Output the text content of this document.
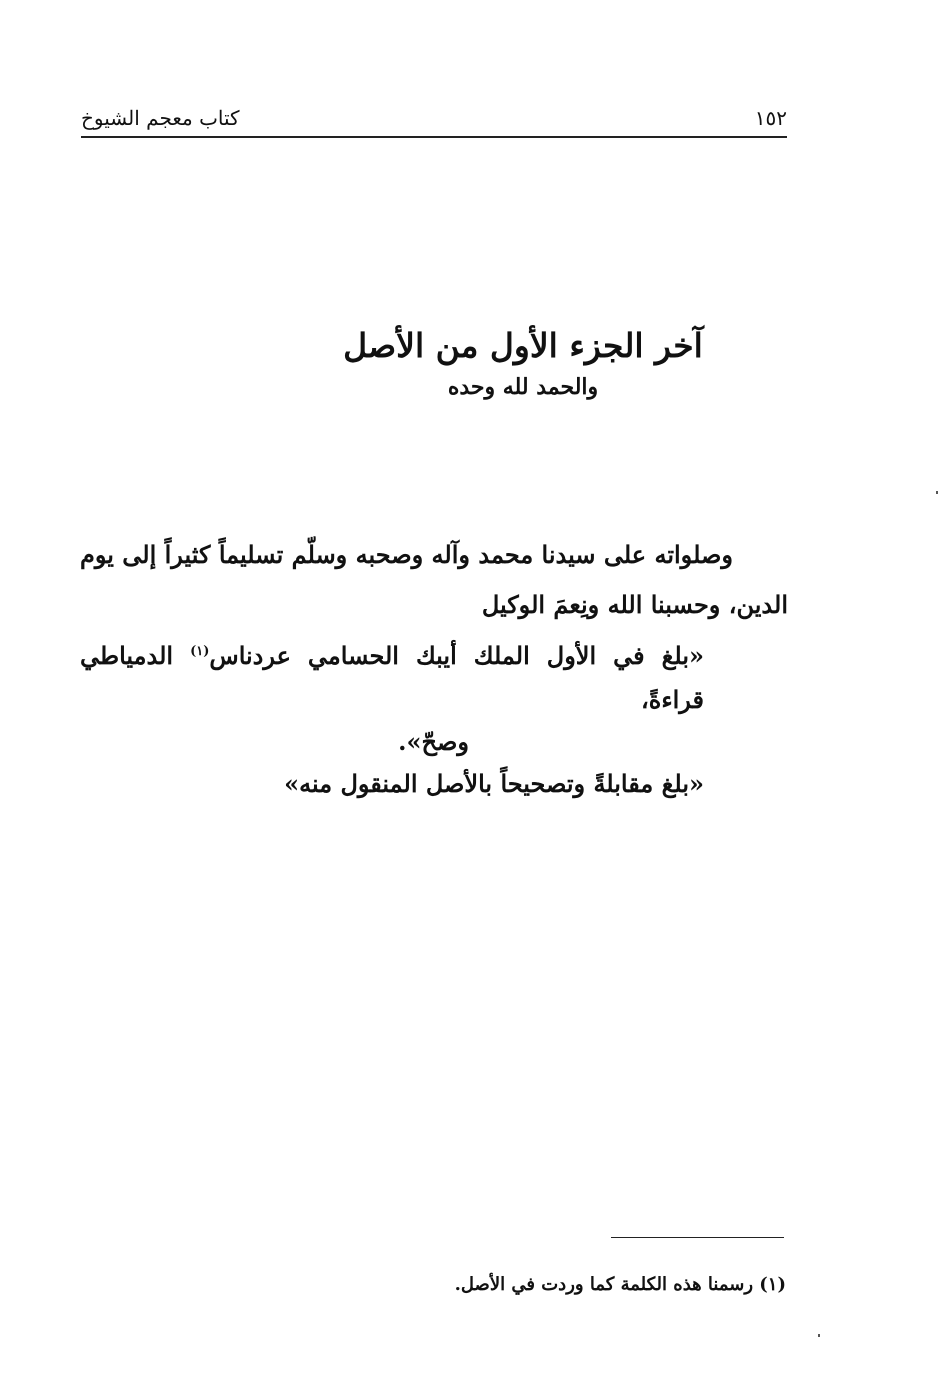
١٥٢
كتاب معجم الشيوخ
آخر الجزء الأول من الأصل
والحمد لله وحده

وصلواته على سيدنا محمد وآله وصحبه وسلّم تسليماً كثيراً إلى يوم الدين، وحسبنا الله ونِعمَ الوكيل

«بلغ في الأول الملك أيبك الحسامي عردناس$^{(١)}$ الدمياطي قراءةً،
وصحّ».
«بلغ مقابلةً وتصحيحاً بالأصل المنقول منه»
(١) رسمنا هذه الكلمة كما وردت في الأصل.
